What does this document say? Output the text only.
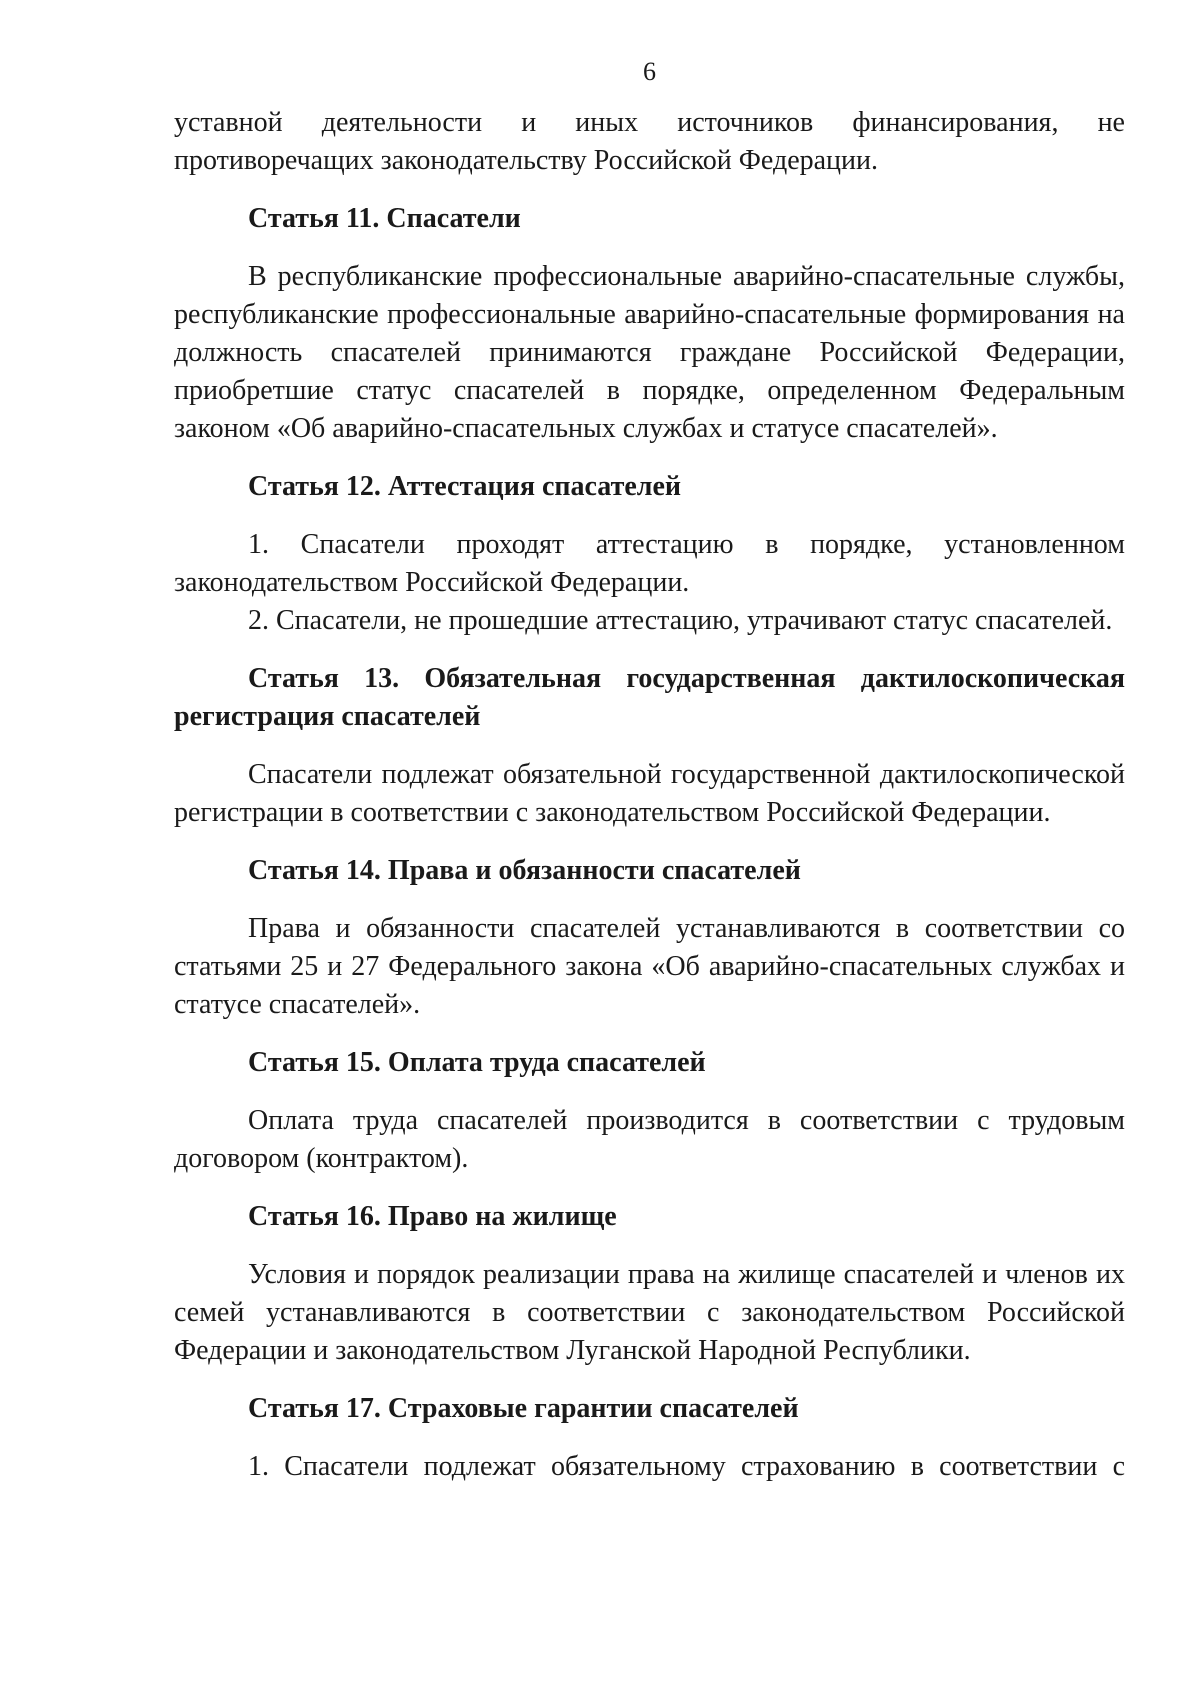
6

уставной деятельности и иных источников финансирования, не противоречащих законодательству Российской Федерации.

Статья 11. Спасатели

В республиканские профессиональные аварийно-спасательные службы, республиканские профессиональные аварийно-спасательные формирования на должность спасателей принимаются граждане Российской Федерации, приобретшие статус спасателей в порядке, определенном Федеральным законом «Об аварийно-спасательных службах и статусе спасателей».

Статья 12. Аттестация спасателей

1. Спасатели проходят аттестацию в порядке, установленном законодательством Российской Федерации.

2. Спасатели, не прошедшие аттестацию, утрачивают статус спасателей.

Статья 13. Обязательная государственная дактилоскопическая регистрация спасателей

Спасатели подлежат обязательной государственной дактилоскопической регистрации в соответствии с законодательством Российской Федерации.

Статья 14. Права и обязанности спасателей

Права и обязанности спасателей устанавливаются в соответствии со статьями 25 и 27 Федерального закона «Об аварийно-спасательных службах и статусе спасателей».

Статья 15. Оплата труда спасателей

Оплата труда спасателей производится в соответствии с трудовым договором (контрактом).

Статья 16. Право на жилище

Условия и порядок реализации права на жилище спасателей и членов их семей устанавливаются в соответствии с законодательством Российской Федерации и законодательством Луганской Народной Республики.

Статья 17. Страховые гарантии спасателей

1. Спасатели подлежат обязательному страхованию в соответствии с
